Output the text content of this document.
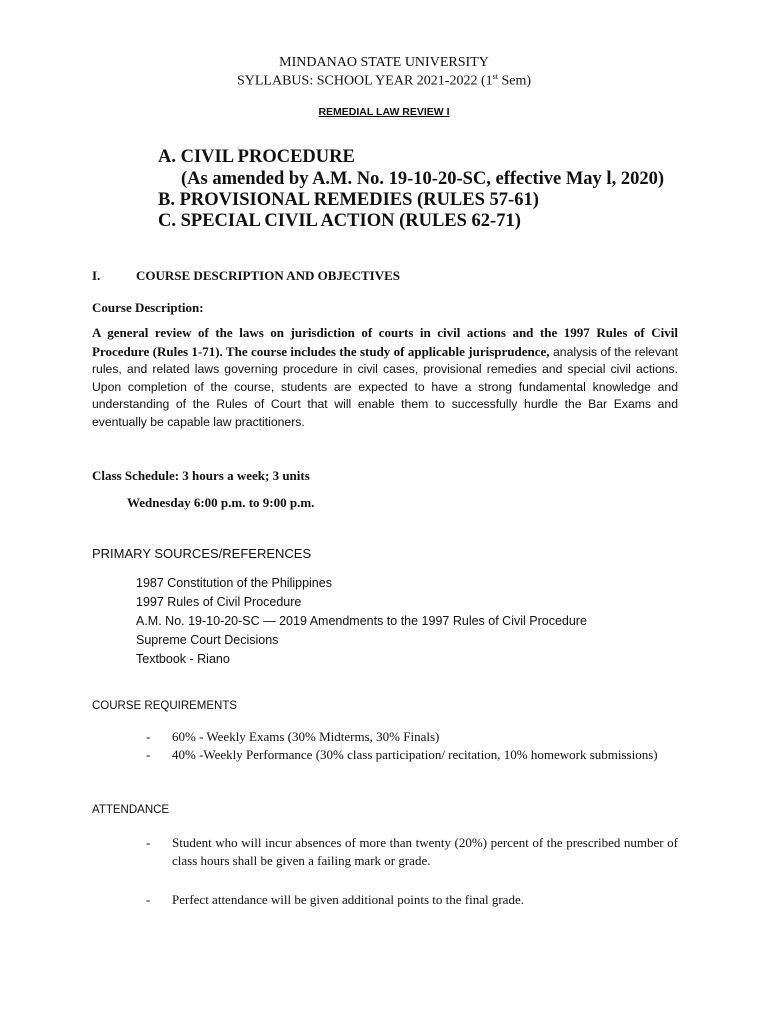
MINDANAO STATE UNIVERSITY
SYLLABUS: SCHOOL YEAR 2021-2022 (1st Sem)
REMEDIAL LAW REVIEW I
A. CIVIL PROCEDURE
(As amended by A.M. No. 19-10-20-SC, effective May l, 2020)
B. PROVISIONAL REMEDIES (RULES 57-61)
C. SPECIAL CIVIL ACTION (RULES 62-71)
I.	COURSE DESCRIPTION AND OBJECTIVES
Course Description:
A general review of the laws on jurisdiction of courts in civil actions and the 1997 Rules of Civil Procedure (Rules 1-71). The course includes the study of applicable jurisprudence, analysis of the relevant rules, and related laws governing procedure in civil cases, provisional remedies and special civil actions. Upon completion of the course, students are expected to have a strong fundamental knowledge and understanding of the Rules of Court that will enable them to successfully hurdle the Bar Exams and eventually be capable law practitioners.
Class Schedule: 3 hours a week; 3 units
Wednesday 6:00 p.m. to 9:00 p.m.
PRIMARY SOURCES/REFERENCES
1987 Constitution of the Philippines
1997 Rules of Civil Procedure
A.M. No. 19-10-20-SC — 2019 Amendments to the 1997 Rules of Civil Procedure
Supreme Court Decisions
Textbook - Riano
COURSE REQUIREMENTS
- 60% - Weekly Exams (30% Midterms, 30% Finals)
- 40% -Weekly Performance (30% class participation/ recitation, 10% homework submissions)
ATTENDANCE
- Student who will incur absences of more than twenty (20%) percent of the prescribed number of class hours shall be given a failing mark or grade.
- Perfect attendance will be given additional points to the final grade.
